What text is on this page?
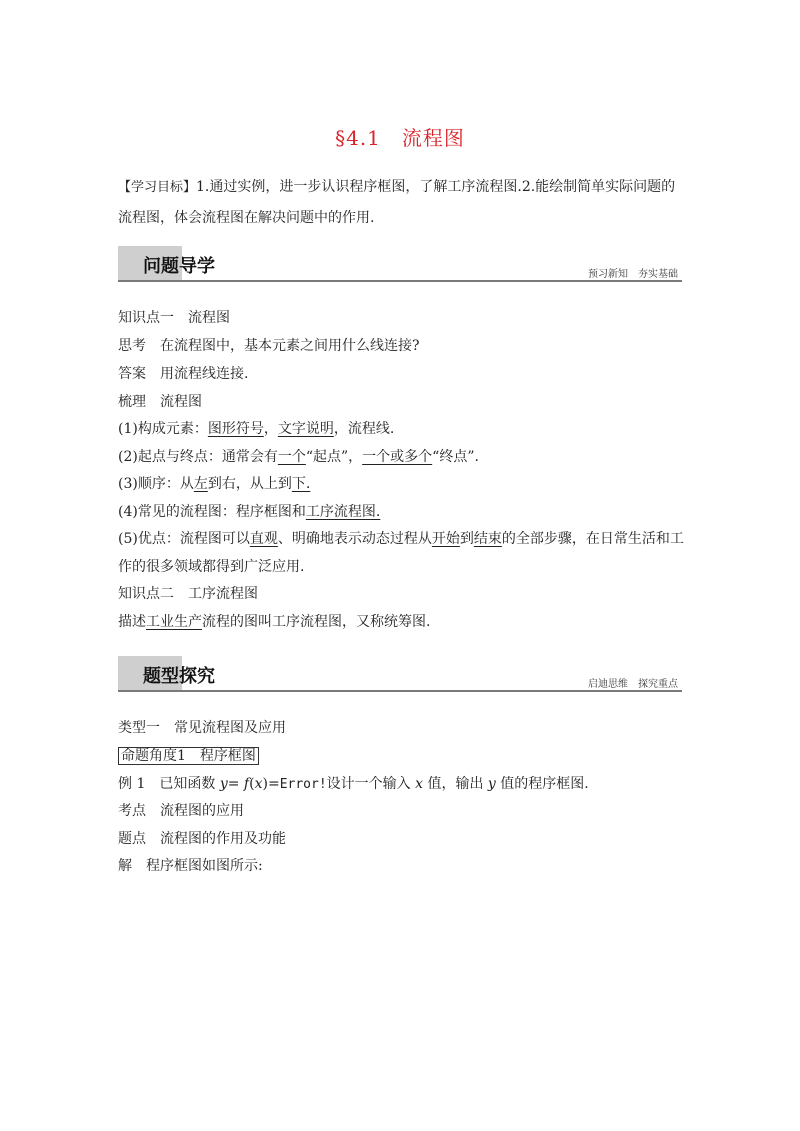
§4.1　流程图
【学习目标】1.通过实例，进一步认识程序框图，了解工序流程图.2.能绘制简单实际问题的
流程图，体会流程图在解决问题中的作用.
问题导学	预习新知　夯实基础
知识点一　流程图
思考　 在流程图中，基本元素之间用什么线连接?
答案　 用流程线连接.
梳理　流程图
(1)构成元素：图形符号，文字说明，流程线.
(2)起点与终点：通常会有一个“起点”，一个或多个“终点”.
(3)顺序：从左到右，从上到下.
(4)常见的流程图：程序框图和工序流程图.
(5)优点：流程图可以直观、明确地表示动态过程从开始到结束的全部步骤，在日常生活和工
作的很多领域都得到广泛应用.
知识点二　工序流程图
描述工业生产流程的图叫工序流程图，又称统筹图.
题型探究	启迪思维　探究重点
类型一　常见流程图及应用
命题角度1　程序框图
例 1　 已知函数 y= f(x)=Error!设计一个输入 x 值，输出 y 值的程序框图.
考点　 流程图的应用
题点　 流程图的作用及功能
解　 程序框图如图所示:
